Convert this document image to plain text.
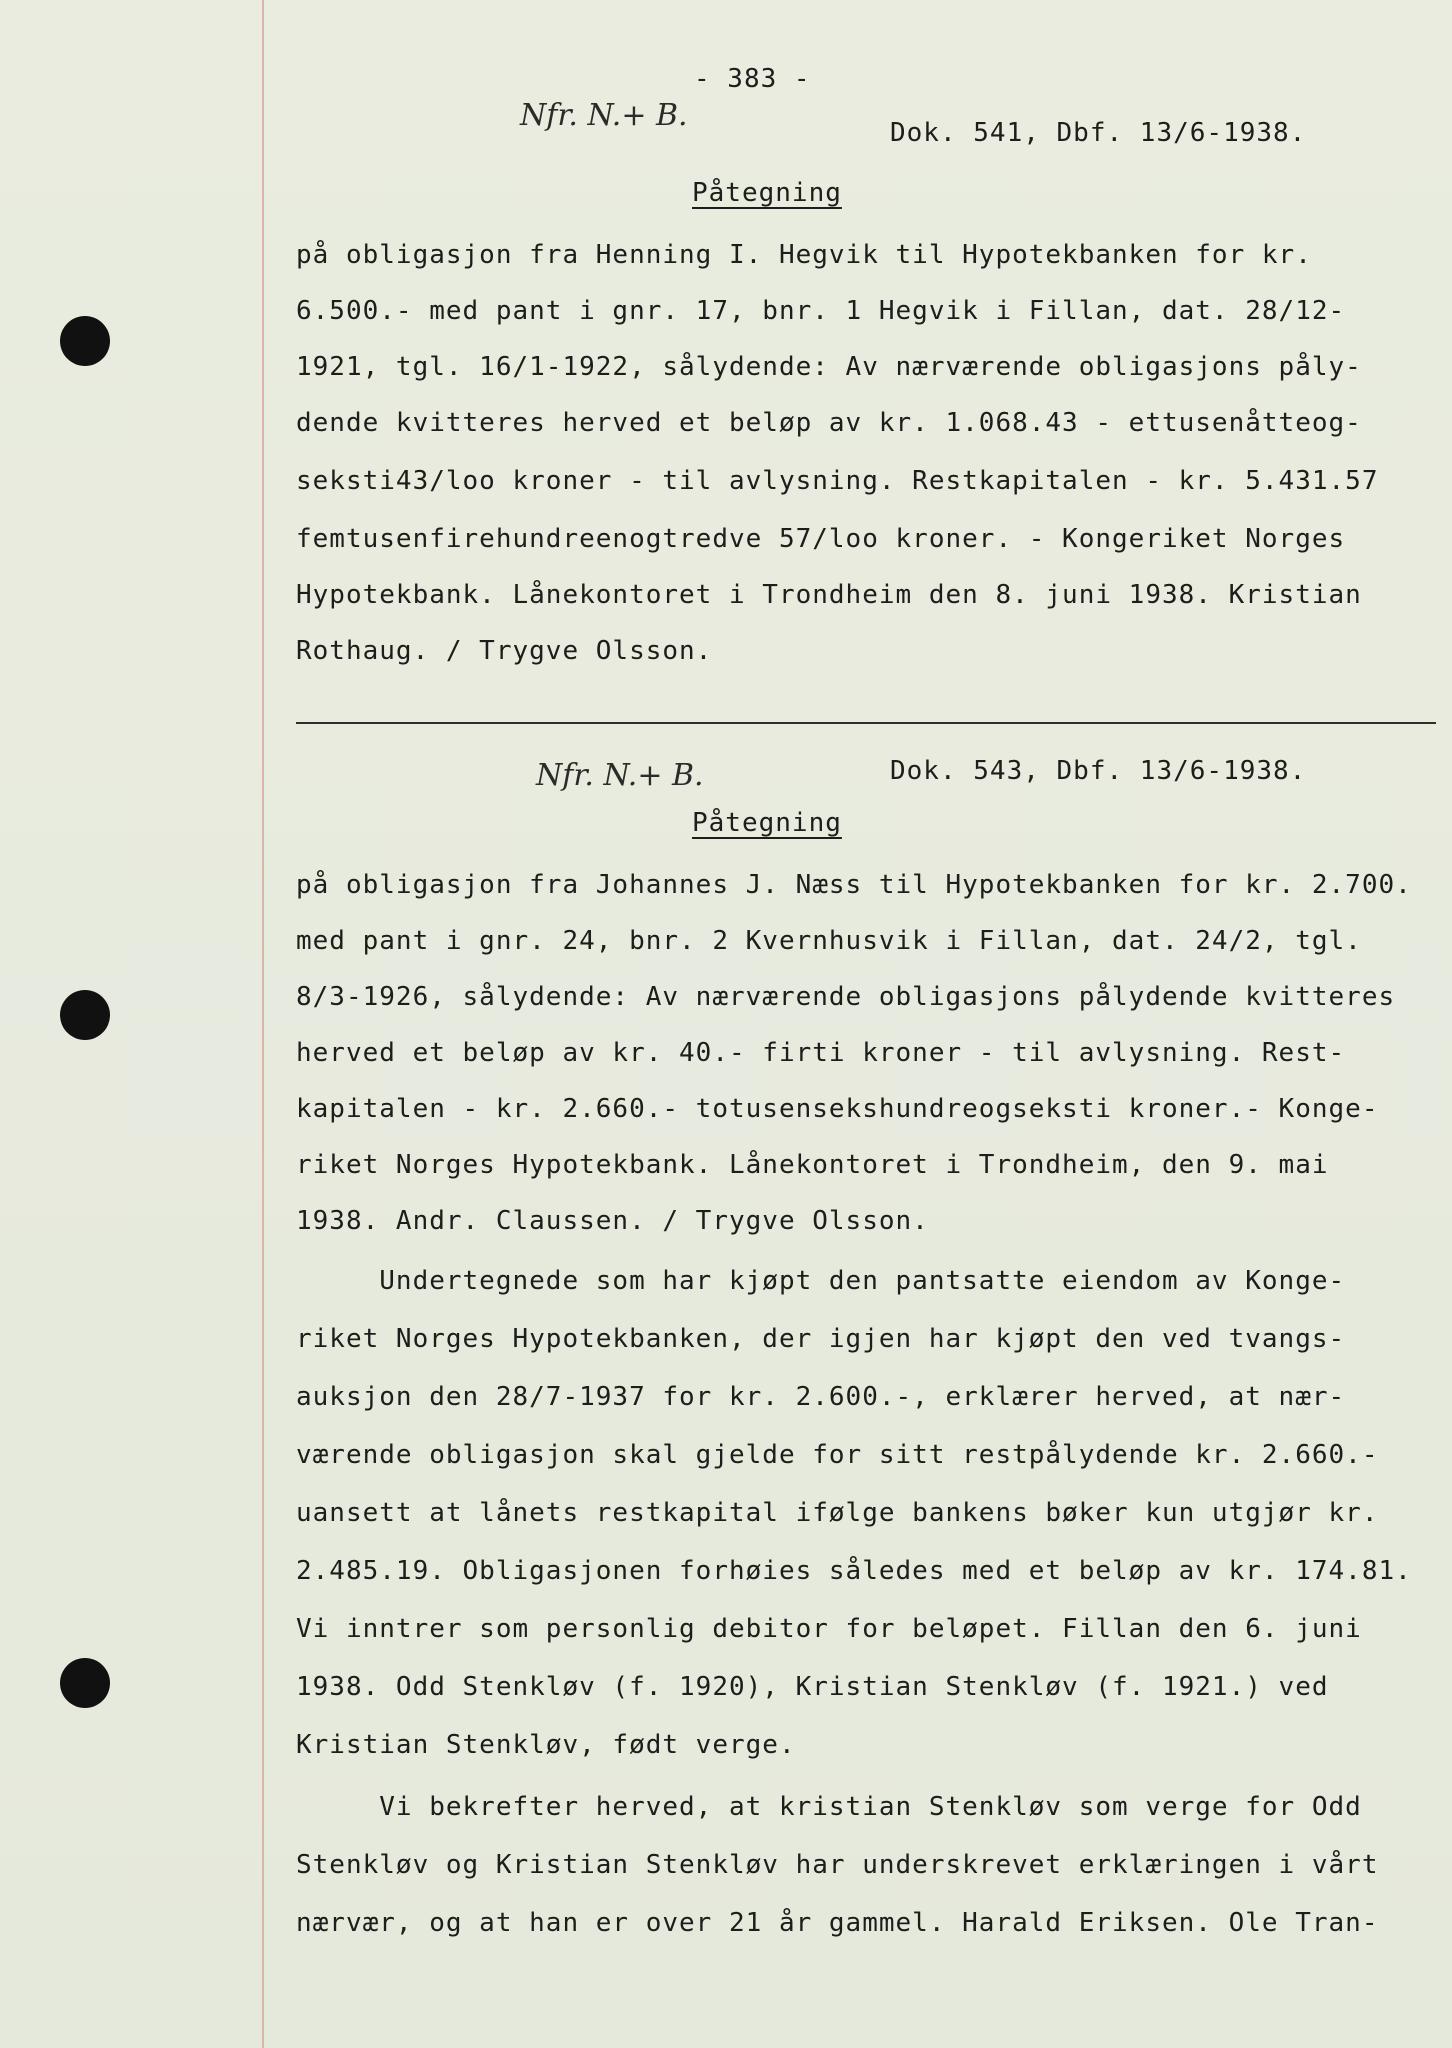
- 383 -
Nfr. N.+ B.	Dok. 541, Dbf. 13/6-1938.
Påtegning
på obligasjon fra Henning I. Hegvik til Hypotekbanken for kr.
6.500.- med pant i gnr. 17, bnr. 1 Hegvik i Fillan, dat. 28/12-
1921, tgl. 16/1-1922, sålydende: Av nærværende obligasjons påly-
dende kvitteres herved et beløp av kr. 1.068.43 - ettusenåtteog-
seksti43/loo kroner - til avlysning. Restkapitalen - kr. 5.431.57
femtusenfirehundreenogtredve 57/loo kroner. - Kongeriket Norges
Hypotekbank. Lånekontoret i Trondheim den 8. juni 1938. Kristian
Rothaug. / Trygve Olsson.
Nfr. N.+ B.	Dok. 543, Dbf. 13/6-1938.
Påtegning
på obligasjon fra Johannes J. Næss til Hypotekbanken for kr. 2.700.
med pant i gnr. 24, bnr. 2 Kvernhusvik i Fillan, dat. 24/2, tgl.
8/3-1926, sålydende: Av nærværende obligasjons pålydende kvitteres
herved et beløp av kr. 40.- firti kroner - til avlysning. Rest-
kapitalen - kr. 2.660.- totusensekshundreogseksti kroner.- Konge-
riket Norges Hypotekbank. Lånekontoret i Trondheim, den 9. mai
1938. Andr. Claussen. / Trygve Olsson.
Undertegnede som har kjøpt den pantsatte eiendom av Konge-
riket Norges Hypotekbanken, der igjen har kjøpt den ved tvangs-
auksjon den 28/7-1937 for kr. 2.600.-, erklærer herved, at nær-
værende obligasjon skal gjelde for sitt restpålydende kr. 2.660.-
uansett at lånets restkapital ifølge bankens bøker kun utgjør kr.
2.485.19. Obligasjonen forhøies således med et beløp av kr. 174.81.
Vi inntrer som personlig debitor for beløpet. Fillan den 6. juni
1938. Odd Stenkløv (f. 1920), Kristian Stenkløv (f. 1921.) ved
Kristian Stenkløv, født verge.
Vi bekrefter herved, at kristian Stenkløv som verge for Odd
Stenkløv og Kristian Stenkløv har underskrevet erklæringen i vårt
nærvær, og at han er over 21 år gammel. Harald Eriksen. Ole Tran-
